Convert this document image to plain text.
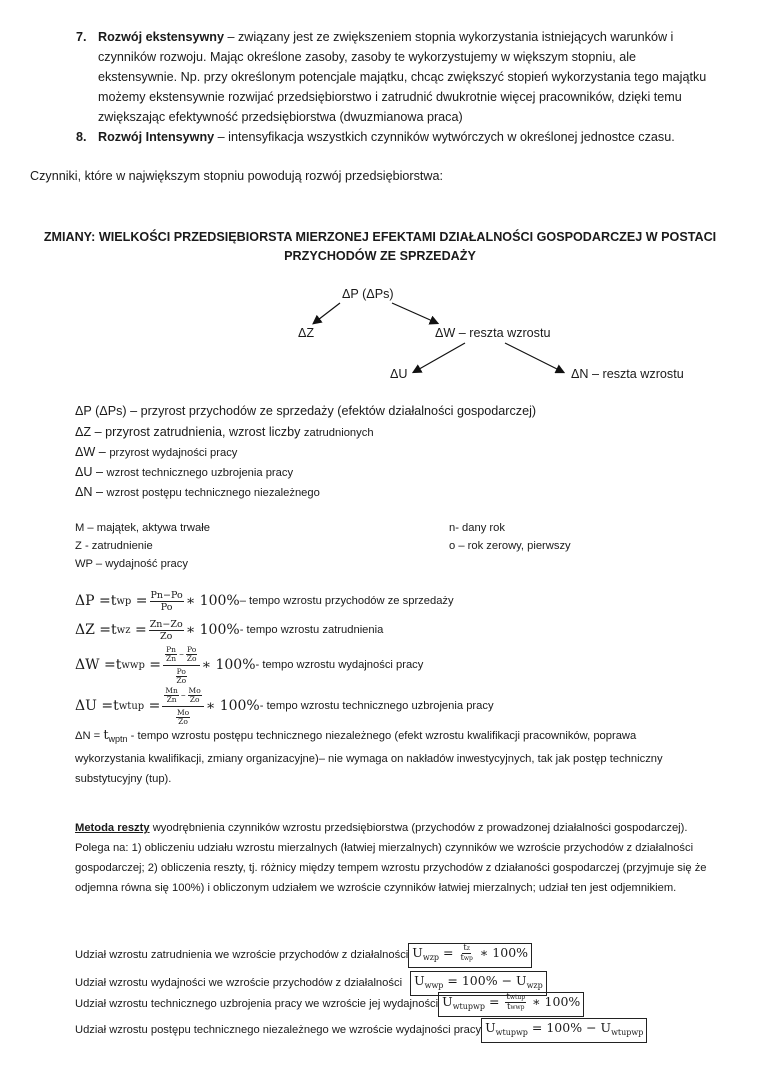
7. Rozwój ekstensywny – związany jest ze zwiększeniem stopnia wykorzystania istniejących warunków i
czynników rozwoju. Mając określone zasoby, zasoby te wykorzystujemy w większym stopniu, ale
ekstensywnie. Np. przy określonym potencjale majątku, chcąc zwiększyć stopień wykorzystania tego majątku
możemy ekstensywnie rozwijać przedsiębiorstwo i zatrudnić dwukrotnie więcej pracowników, dzięki temu
zwiększając efektywność przedsiębiorstwa (dwuzmianowa praca)
8. Rozwój Intensywny – intensyfikacja wszystkich czynników wytwórczych w określonej jednostce czasu.
Czynniki, które w największym stopniu powodują rozwój przedsiębiorstwa:
ZMIANY: WIELKOŚCI PRZEDSIĘBIORSTA MIERZONEJ EFEKTAMI DZIAŁALNOŚCI GOSPODARCZEJ W POSTACI
PRZYCHODÓW ZE SPRZEDAŻY
ΔP (ΔPs)
ΔZ	ΔW – reszta wzrostu
ΔU	ΔN – reszta wzrostu
ΔP (ΔPs) – przyrost przychodów ze sprzedaży (efektów działalności gospodarczej)
ΔZ – przyrost zatrudnienia, wzrost liczby zatrudnionych
ΔW – przyrost wydajności pracy
ΔU – wzrost technicznego uzbrojenia pracy
ΔN – wzrost postępu technicznego niezależnego
M – majątek, aktywa trwałe
Z - zatrudnienie
WP – wydajność pracy
n- dany rok
o – rok zerowy, pierwszy
ΔP = t wp = $\frac{Pn-Po}{Po}$ ∗ 100% – tempo wzrostu przychodów ze sprzedaży
ΔZ = t wz = $\frac{Zn-Zo}{Zo}$ ∗ 100% - tempo wzrostu zatrudnienia
ΔW = t wwp =
$\frac{Pn}{Zn} - \frac{Po}{Zo}$
$\frac{Po}{Zo}$
∗ 100% - tempo wzrostu wydajności pracy
ΔU = t wtup =
$\frac{Mn}{Zn} - \frac{Mo}{Zo}$
$\frac{Mo}{Zo}$
∗ 100% - tempo wzrostu technicznego uzbrojenia pracy
$\Delta N = t_{wptn}$ - tempo wzrostu postępu technicznego niezależnego (efekt wzrostu kwalifikacji pracowników, poprawa
wykorzystania kwalifikacji, zmiany organizacyjne)– nie wymaga on nakładów inwestycyjnych, tak jak postęp techniczny
substytucyjny (tup).
Metoda reszty wyodrębnienia czynników wzrostu przedsiębiorstwa (przychodów z prowadzonej działalności gospodarczej).
Polega na: 1) obliczeniu udziału wzrostu mierzalnych (łatwiej mierzalnych) czynników we wzroście przychodów z działalności
gospodarczej; 2) obliczenia reszty, tj. różnicy między tempem wzrostu przychodów z działaności gospodarczej (przyjmuje się że
odjemna równa się 100%) i obliczonym udziałem we wzroście czynników łatwiej mierzalnych; udział ten jest odjemnikiem.
Udział wzrostu zatrudnienia we wzroście przychodów z działalności $U_{wzp} = \frac{tz}{\text{twp}}$ ∗ 100%
Udział wzrostu wydajności we wzroście przychodów z działalności $U_{wwp} = 100\% - U_{wzp}$
Udział wzrostu technicznego uzbrojenia pracy we wzroście jej wydajności $U_{wtupwp} = \frac{\text{twtup}}{\text{twwp}}$ ∗ 100%
Udział wzrostu postępu technicznego niezależnego we wzroście wydajności pracy $U_{wtupwp} = 100\% - U_{wtupwp}$
